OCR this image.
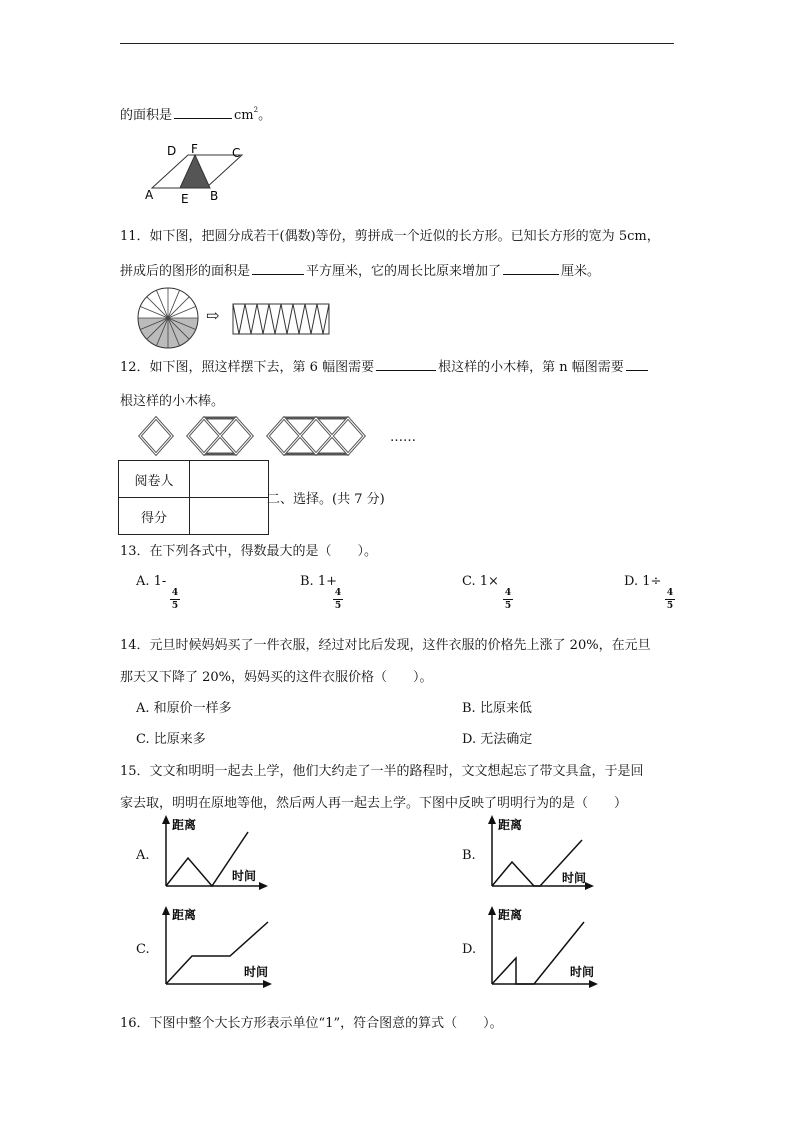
的面积是	$cm^2$。
D F	C
A E B
11．如下图，把圆分成若干(偶数)等份，剪拼成一个近似的长方形。已知长方形的宽为 5cm，
拼成后的图形的面积是	平方厘米，它的周长比原来增加了	厘米。
⇨
12．如下图，照这样摆下去，第 6 幅图需要	根这样的小木棒，第 n 幅图需要
根这样的小木棒。
……
阅卷人	
得分	
二、选择。(共 7 分)
13．在下列各式中，得数最大的是（　　）。
A. 1-
4
5
B. 1+
4
5
C. 1×
4
5
D. 1÷
4
5
14．元旦时候妈妈买了一件衣服，经过对比后发现，这件衣服的价格先上涨了 20%，在元旦
那天又下降了 20%，妈妈买的这件衣服价格（　　）。
A. 和原价一样多	B. 比原来低
C. 比原来多	D. 无法确定
15．文文和明明一起去上学，他们大约走了一半的路程时，文文想起忘了带文具盒，于是回
家去取，明明在原地等他，然后两人再一起去上学。下图中反映了明明行为的是（　　）
A.
距离
时间
B.
距离
时间
C.
距离
时间
D.
距离
时间
16．下图中整个大长方形表示单位“1”，符合图意的算式（　　）。
